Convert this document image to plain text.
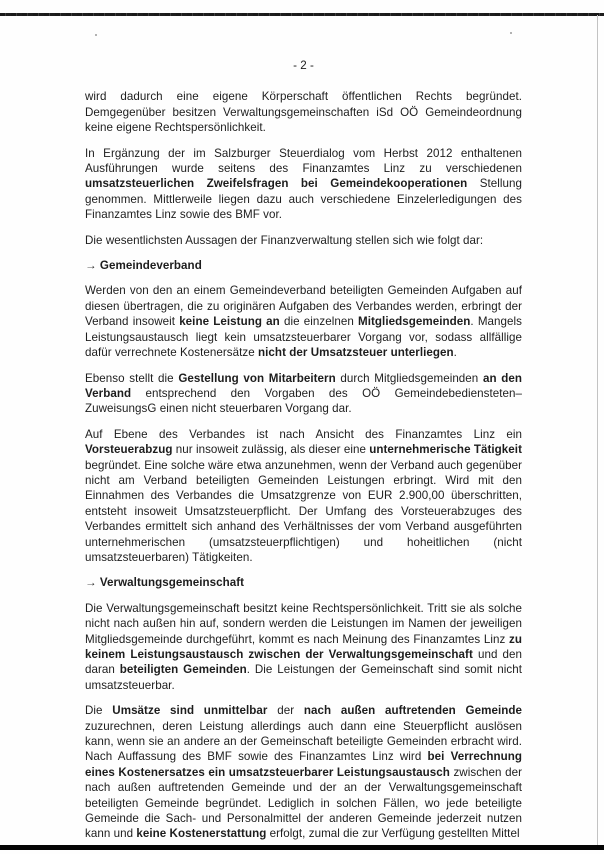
- 2 -
wird dadurch eine eigene Körperschaft öffentlichen Rechts begründet. Demgegenüber besitzen Verwaltungsgemeinschaften iSd OÖ Gemeindeordnung keine eigene Rechtspersönlichkeit.
In Ergänzung der im Salzburger Steuerdialog vom Herbst 2012 enthaltenen Ausführungen wurde seitens des Finanzamtes Linz zu verschiedenen umsatzsteuerlichen Zweifelsfragen bei Gemeindekooperationen Stellung genommen. Mittlerweile liegen dazu auch verschiedene Einzelerledigungen des Finanzamtes Linz sowie des BMF vor.
Die wesentlichsten Aussagen der Finanzverwaltung stellen sich wie folgt dar:
→ Gemeindeverband
Werden von den an einem Gemeindeverband beteiligten Gemeinden Aufgaben auf diesen übertragen, die zu originären Aufgaben des Verbandes werden, erbringt der Verband insoweit keine Leistung an die einzelnen Mitgliedsgemeinden. Mangels Leistungsaustausch liegt kein umsatzsteuerbarer Vorgang vor, sodass allfällige dafür verrechnete Kostenersätze nicht der Umsatzsteuer unterliegen.
Ebenso stellt die Gestellung von Mitarbeitern durch Mitgliedsgemeinden an den Verband entsprechend den Vorgaben des OÖ Gemeindebediensteten–ZuweisungsG einen nicht steuerbaren Vorgang dar.
Auf Ebene des Verbandes ist nach Ansicht des Finanzamtes Linz ein Vorsteuerabzug nur insoweit zulässig, als dieser eine unternehmerische Tätigkeit begründet. Eine solche wäre etwa anzunehmen, wenn der Verband auch gegenüber nicht am Verband beteiligten Gemeinden Leistungen erbringt. Wird mit den Einnahmen des Verbandes die Umsatzgrenze von EUR 2.900,00 überschritten, entsteht insoweit Umsatzsteuerpflicht. Der Umfang des Vorsteuerabzuges des Verbandes ermittelt sich anhand des Verhältnisses der vom Verband ausgeführten unternehmerischen (umsatzsteuerpflichtigen) und hoheitlichen (nicht umsatzsteuerbaren) Tätigkeiten.
→ Verwaltungsgemeinschaft
Die Verwaltungsgemeinschaft besitzt keine Rechtspersönlichkeit. Tritt sie als solche nicht nach außen hin auf, sondern werden die Leistungen im Namen der jeweiligen Mitgliedsgemeinde durchgeführt, kommt es nach Meinung des Finanzamtes Linz zu keinem Leistungsaustausch zwischen der Verwaltungsgemeinschaft und den daran beteiligten Gemeinden. Die Leistungen der Gemeinschaft sind somit nicht umsatzsteuerbar.
Die Umsätze sind unmittelbar der nach außen auftretenden Gemeinde zuzurechnen, deren Leistung allerdings auch dann eine Steuerpflicht auslösen kann, wenn sie an andere an der Gemeinschaft beteiligte Gemeinden erbracht wird. Nach Auffassung des BMF sowie des Finanzamtes Linz wird bei Verrechnung eines Kostenersatzes ein umsatzsteuerbarer Leistungsaustausch zwischen der nach außen auftretenden Gemeinde und der an der Verwaltungsgemeinschaft beteiligten Gemeinde begründet. Lediglich in solchen Fällen, wo jede beteiligte Gemeinde die Sach- und Personalmittel der anderen Gemeinde jederzeit nutzen kann und keine Kostenerstattung erfolgt, zumal die zur Verfügung gestellten Mittel
